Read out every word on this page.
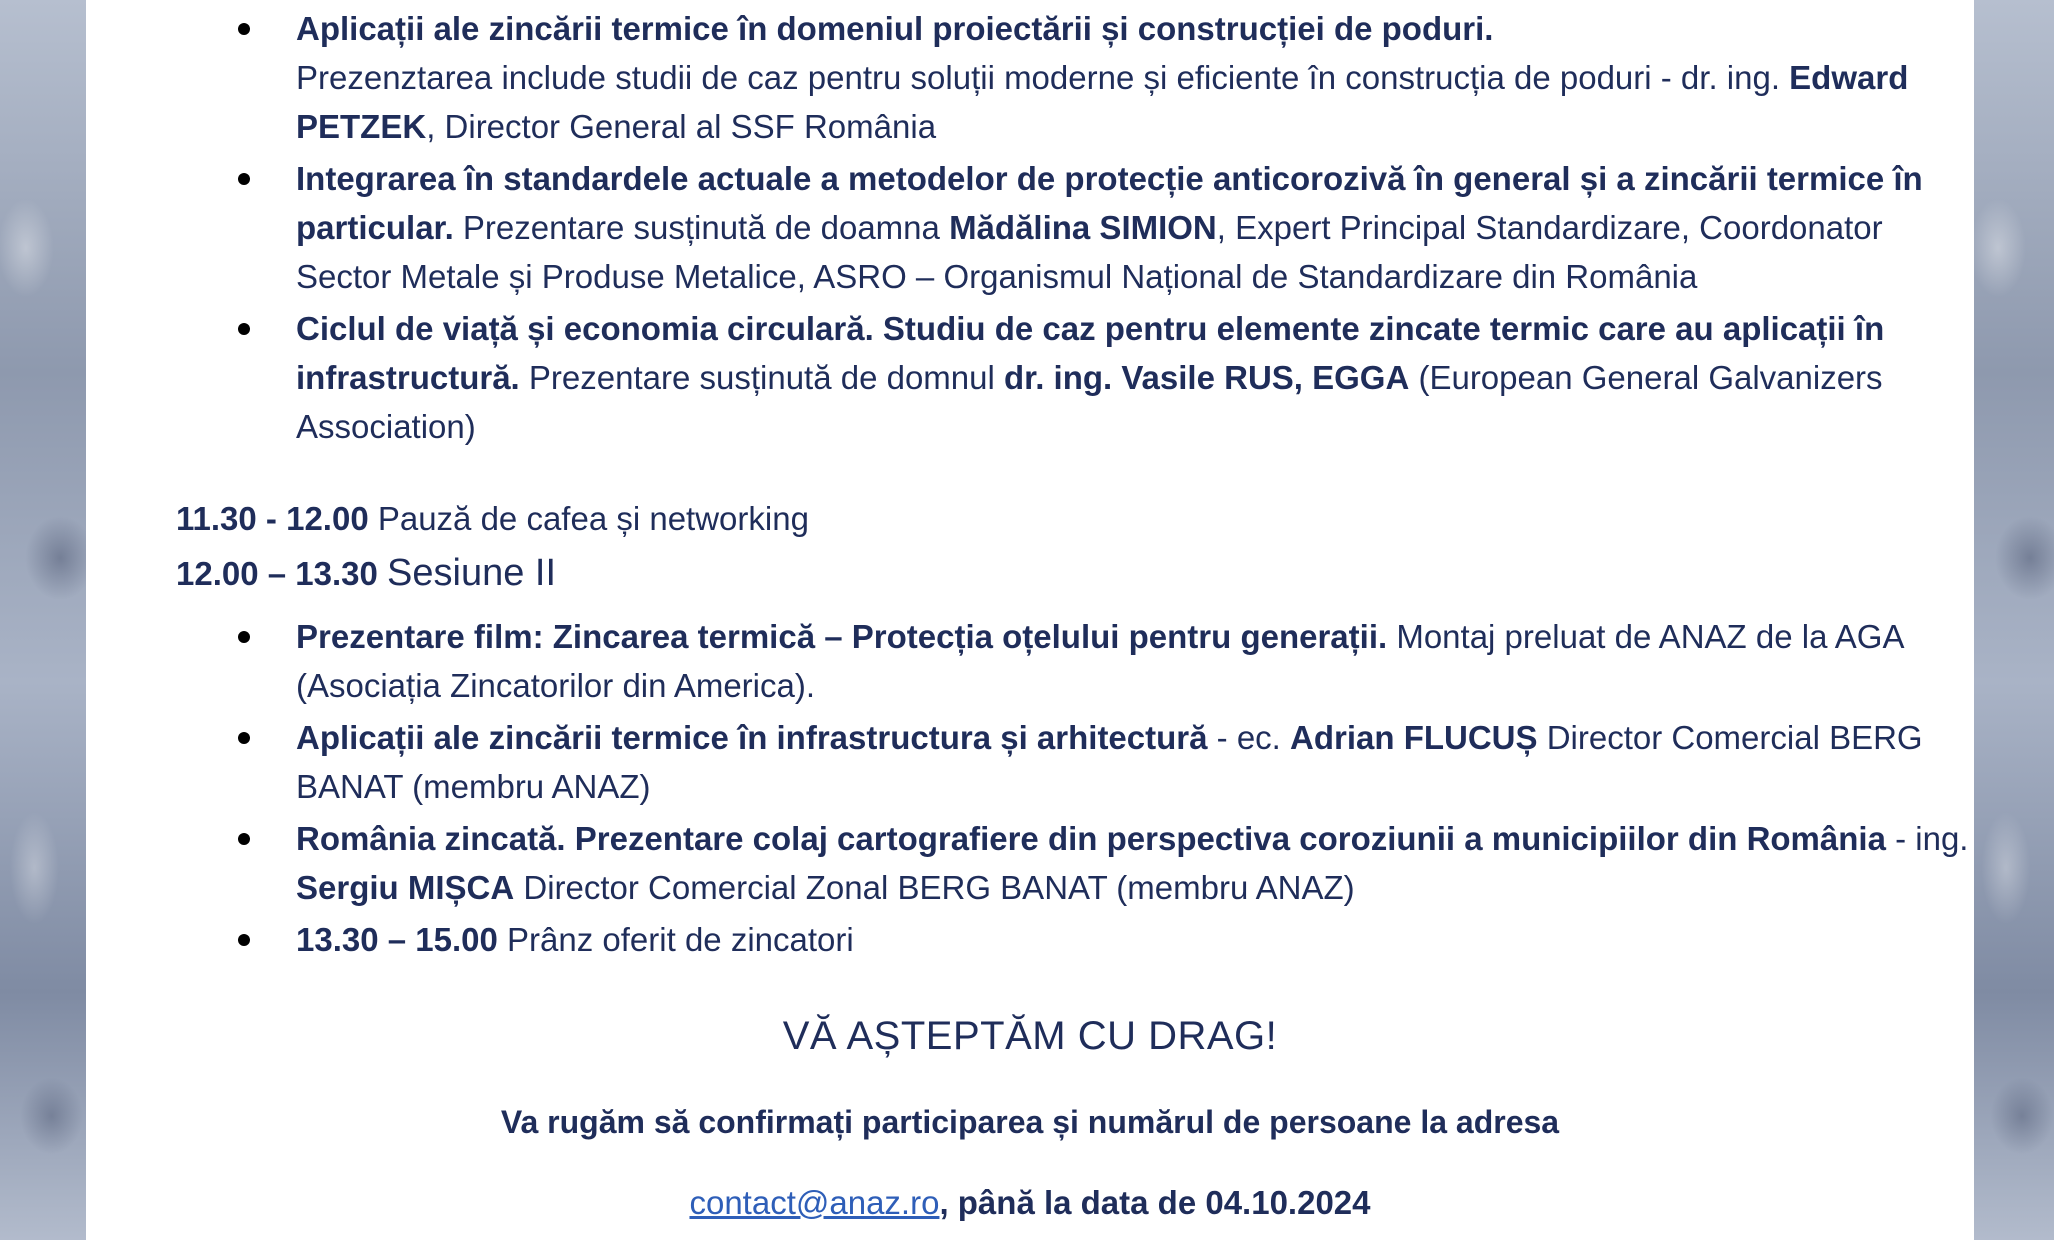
Aplicații ale zincării termice în domeniul proiectării și construcției de poduri.
Prezenztarea include studii de caz pentru soluții moderne și eficiente în construcția de poduri - dr. ing. Edward PETZEK, Director General al SSF România
Integrarea în standardele actuale a metodelor de protecție anticorozivă în general și a zincării termice în particular. Prezentare susținută de doamna Mădălina SIMION, Expert Principal Standardizare, Coordonator Sector Metale și Produse Metalice, ASRO – Organismul Național de Standardizare din România
Ciclul de viață și economia circulară. Studiu de caz pentru elemente zincate termic care au aplicații în infrastructură. Prezentare susținută de domnul dr. ing. Vasile RUS, EGGA (European General Galvanizers Association)
11.30 - 12.00 Pauză de cafea și networking
12.00 – 13.30 Sesiune II
Prezentare film: Zincarea termică – Protecția oțelului pentru generații. Montaj preluat de ANAZ de la AGA (Asociația Zincatorilor din America).
Aplicații ale zincării termice în infrastructura și arhitectură - ec. Adrian FLUCUȘ Director Comercial BERG BANAT (membru ANAZ)
România zincată. Prezentare colaj cartografiere din perspectiva coroziunii a municipiilor din România - ing. Sergiu MIȘCA Director Comercial Zonal BERG BANAT (membru ANAZ)
13.30 – 15.00 Prânz oferit de zincatori
VĂ AȘTEPTĂM CU DRAG!
Va rugăm să confirmați participarea și numărul de persoane la adresa
contact@anaz.ro, până la data de 04.10.2024
